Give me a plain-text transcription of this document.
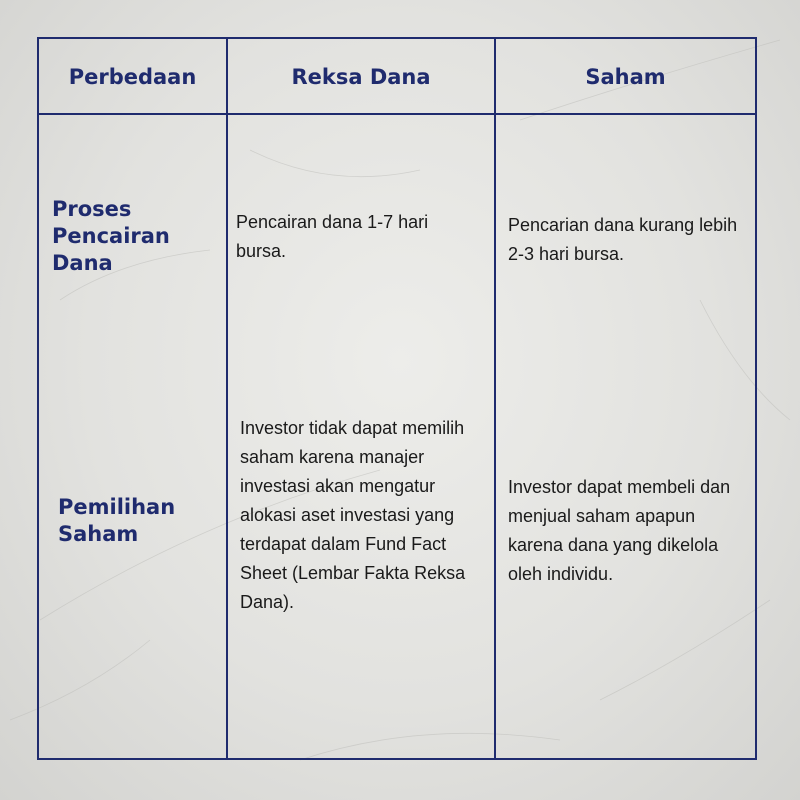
Perbedaan	Reksa Dana	Saham
Proses Pencairan Dana
Pencairan dana 1-7 hari bursa.
Pencarian dana kurang lebih 2-3 hari bursa.
Pemilihan Saham
Investor tidak dapat memilih saham karena manajer investasi akan mengatur alokasi aset investasi yang terdapat dalam Fund Fact Sheet (Lembar Fakta Reksa Dana).
Investor dapat membeli dan menjual saham apapun karena dana yang dikelola oleh individu.
